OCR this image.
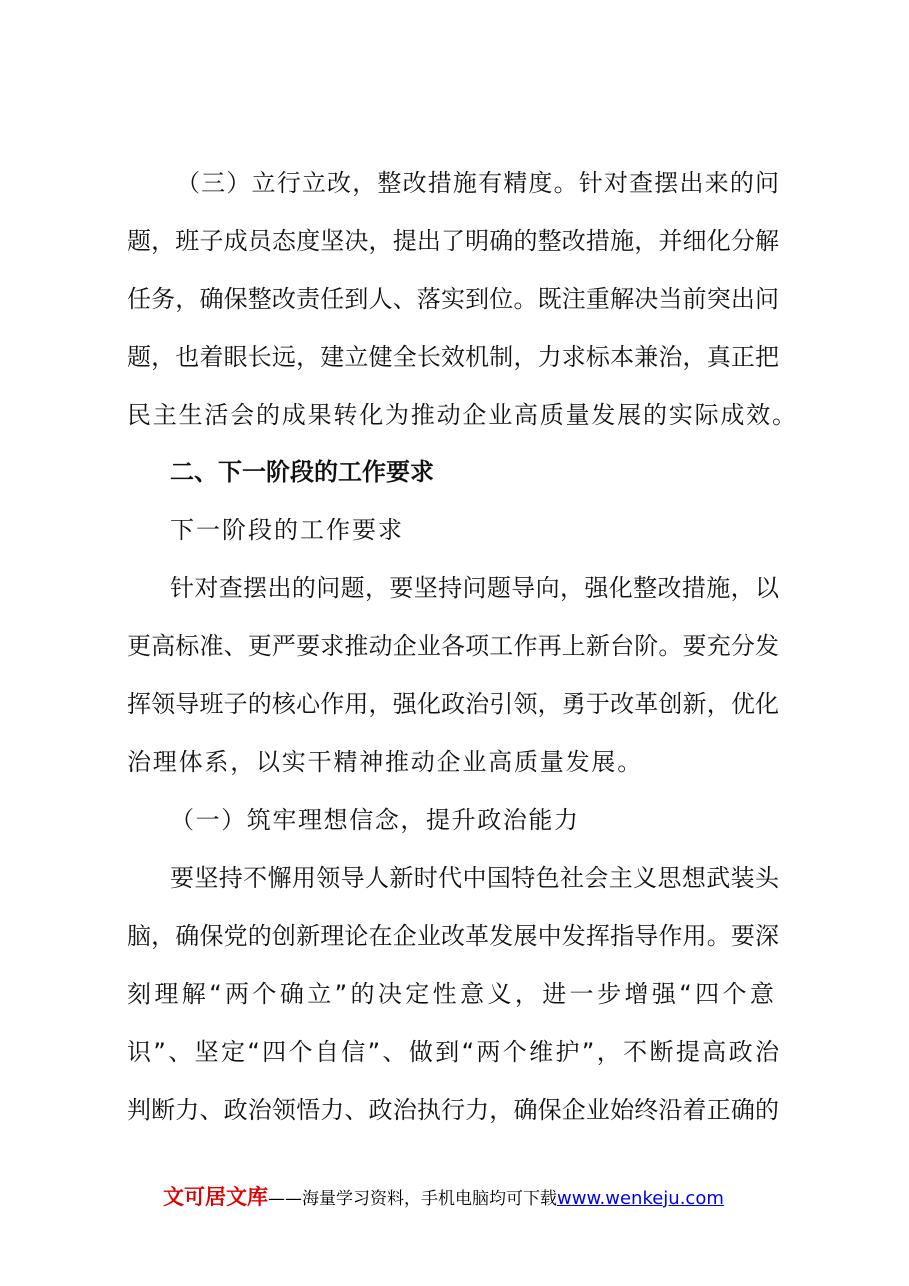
（三）立行立改，整改措施有精度。针对查摆出来的问
题，班子成员态度坚决，提出了明确的整改措施，并细化分解
任务，确保整改责任到人、落实到位。既注重解决当前突出问
题，也着眼长远，建立健全长效机制，力求标本兼治，真正把
民主生活会的成果转化为推动企业高质量发展的实际成效。
二、下一阶段的工作要求
下一阶段的工作要求
针对查摆出的问题，要坚持问题导向，强化整改措施，以
更高标准、更严要求推动企业各项工作再上新台阶。要充分发
挥领导班子的核心作用，强化政治引领，勇于改革创新，优化
治理体系，以实干精神推动企业高质量发展。
（一）筑牢理想信念，提升政治能力
要坚持不懈用领导人新时代中国特色社会主义思想武装头
脑，确保党的创新理论在企业改革发展中发挥指导作用。要深
刻理解“两个确立”的决定性意义，进一步增强“四个意
识”、坚定“四个自信”、做到“两个维护”，不断提高政治
判断力、政治领悟力、政治执行力，确保企业始终沿着正确的
文可居文库——海量学习资料，手机电脑均可下载www.wenkeju.com
